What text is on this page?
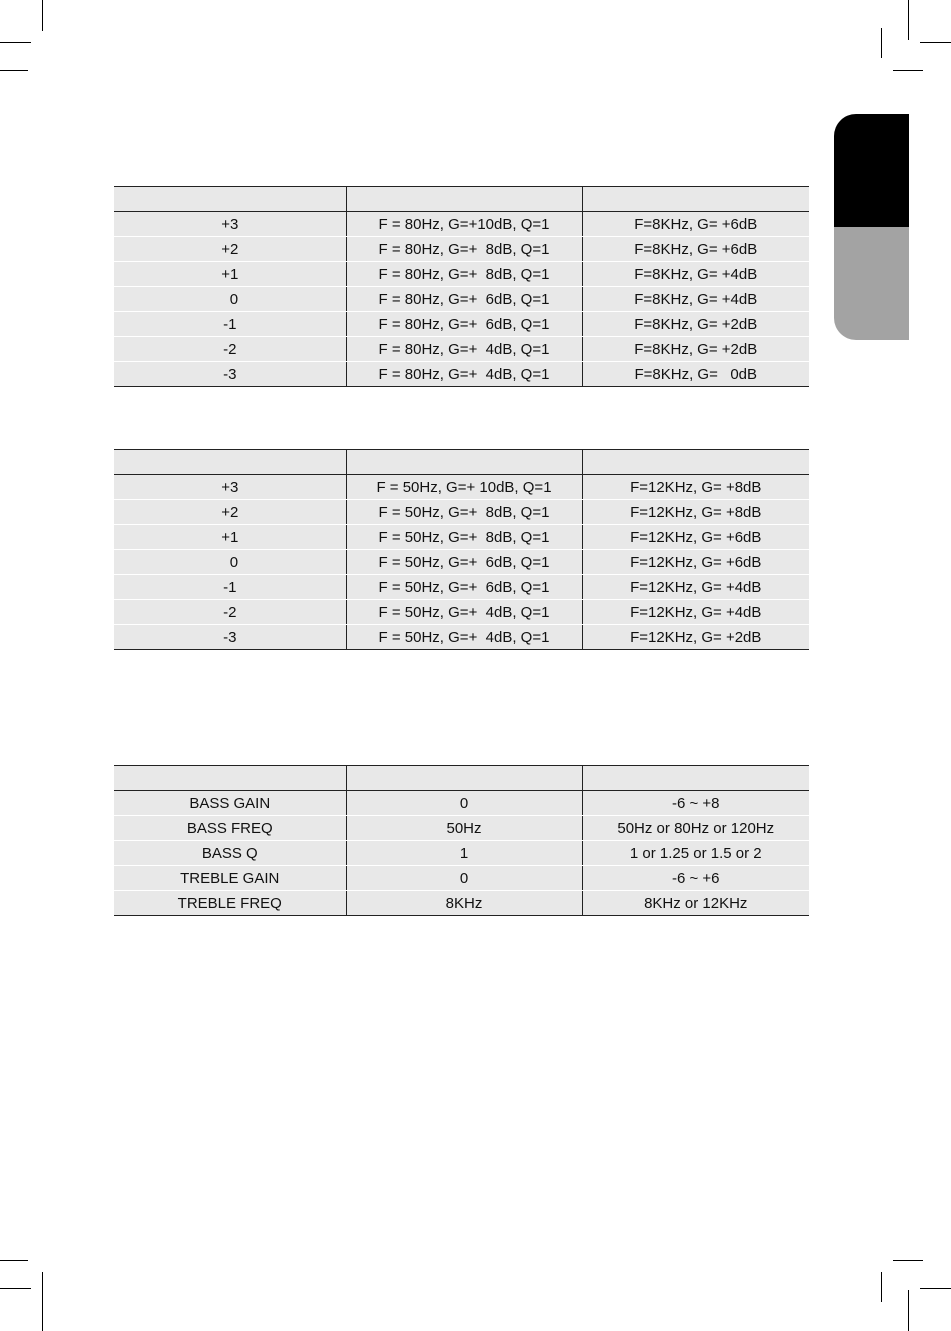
+3	F = 80Hz, G=+10dB, Q=1	F=8KHz, G= +6dB
+2	F = 80Hz, G=+  8dB, Q=1	F=8KHz, G= +6dB
+1	F = 80Hz, G=+  8dB, Q=1	F=8KHz, G= +4dB
0	F = 80Hz, G=+  6dB, Q=1	F=8KHz, G= +4dB
-1	F = 80Hz, G=+  6dB, Q=1	F=8KHz, G= +2dB
-2	F = 80Hz, G=+  4dB, Q=1	F=8KHz, G= +2dB
-3	F = 80Hz, G=+  4dB, Q=1	F=8KHz, G=   0dB

+3	F = 50Hz, G=+ 10dB, Q=1	F=12KHz, G= +8dB
+2	F = 50Hz, G=+  8dB, Q=1	F=12KHz, G= +8dB
+1	F = 50Hz, G=+  8dB, Q=1	F=12KHz, G= +6dB
0	F = 50Hz, G=+  6dB, Q=1	F=12KHz, G= +6dB
-1	F = 50Hz, G=+  6dB, Q=1	F=12KHz, G= +4dB
-2	F = 50Hz, G=+  4dB, Q=1	F=12KHz, G= +4dB
-3	F = 50Hz, G=+  4dB, Q=1	F=12KHz, G= +2dB

BASS GAIN	0	-6 ~ +8
BASS FREQ	50Hz	50Hz or 80Hz or 120Hz
BASS Q	1	1 or 1.25 or 1.5 or 2
TREBLE GAIN	0	-6 ~ +6
TREBLE FREQ	8KHz	8KHz or 12KHz
